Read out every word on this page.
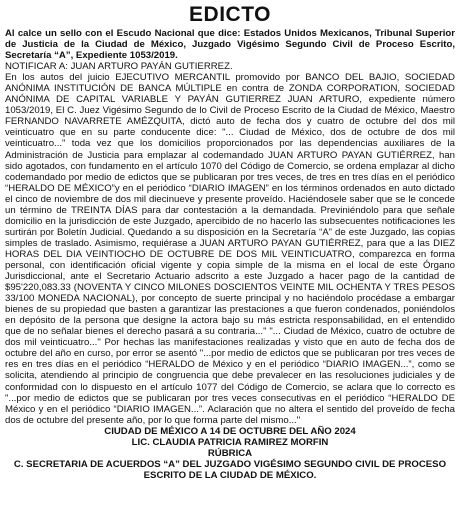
EDICTO

Al calce un sello con el Escudo Nacional que dice: Estados Unidos Mexicanos, Tribunal Superior de Justicia de la Ciudad de México, Juzgado Vigésimo Segundo Civil de Proceso Escrito, Secretaría “A”, Expediente 1053/2019.

NOTIFICAR A: JUAN ARTURO PAYÁN GUTIERREZ.

En los autos del juicio EJECUTIVO MERCANTIL promovido por BANCO DEL BAJIO, SOCIEDAD ANÓNIMA INSTITUCIÓN DE BANCA MÚLTIPLE en contra de ZONDA CORPORATION, SOCIEDAD ANÓNIMA DE CAPITAL VARIABLE Y PAYÁN GUTIERREZ JUAN ARTURO, expediente número 1053/2019, El C. Juez Vigésimo Segundo de lo Civil de Proceso Escrito de la Ciudad de México, Maestro FERNANDO NAVARRETE AMÉZQUITA, dictó auto de fecha dos y cuatro de octubre del dos mil veinticuatro que en su parte conducente dice: "... Ciudad de México, dos de octubre de dos mil veinticuatro..." toda vez que los domicilios proporcionados por las dependencias auxiliares de la Administración de Justicia para emplazar al codemandado JUAN ARTURO PAYAN GUTIÉRREZ, han sido agotados, con fundamento en el artículo 1070 del Código de Comercio, se ordena emplazar al dicho codemandado por medio de edictos que se publicaran por tres veces, de tres en tres días en el periódico “HERALDO DE MÉXICO”y en el periódico “DIARIO IMAGEN” en los términos ordenados en auto dictado el cinco de noviembre de dos mil diecinueve y presente proveído. Haciéndosele saber que se le concede un término de TREINTA DÍAS para dar contestación a la demandada. Previniéndolo para que señale domicilio en la jurisdicción de este Juzgado, apercibido de no hacerlo las subsecuentes notificaciones les surtirán por Boletín Judicial. Quedando a su disposición en la Secretaría “A” de este Juzgado, las copias simples de traslado. Asimismo, requiérase a JUAN ARTURO PAYAN GUTIÉRREZ, para que a las DIEZ HORAS DEL DIA VEINTIOCHO DE OCTUBRE DE DOS MIL VEINTICUATRO, comparezca en forma personal, con identificación oficial vigente y copia simple de la misma en el local de este Órgano Jurisdiccional, ante el Secretario Actuario adscrito a este Juzgado a hacer pago de la cantidad de $95'220,083.33 (NOVENTA Y CINCO MILONES DOSCIENTOS VEINTE MIL OCHENTA Y TRES PESOS 33/100 MONEDA NACIONAL), por concepto de suerte principal y no haciéndolo procédase a embargar bienes de su propiedad que basten a garantizar las prestaciones a que fueron condenados, poniéndolos en depósito de la persona que designe la actora bajo su más estricta responsabilidad, en el entendido que de no señalar bienes el derecho pasará a su contraria..." "... Ciudad de México, cuatro de octubre de dos mil veinticuatro..." Por hechas las manifestaciones realizadas y visto que en auto de fecha dos de octubre del año en curso, por error se asentó "...por medio de edictos que se publicaran por tres veces de res en tres días en el periódico “HERALDO de México y en el periódico “DIARIO IMAGEN...”, como se solicita, atendiendo al principio de congruencia que debe prevalecer en las resoluciones judiciales y de conformidad con lo dispuesto en el artículo 1077 del Código de Comercio, se aclara que lo correcto es "...por medio de edictos que se publicaran por tres veces consecutivas en el periódico “HERALDO DE México y en el periódico “DIARIO IMAGEN...”. Aclaración que no altera el sentido del proveído de fecha dos de octubre del presente año, por lo que forma parte del mismo..."

CIUDAD DE MÉXICO A 14 DE OCTUBRE DEL AÑO 2024

LIC. CLAUDIA PATRICIA RAMIREZ MORFIN

RÚBRICA

C. SECRETARIA DE ACUERDOS “A” DEL JUZGADO VIGÉSIMO SEGUNDO CIVIL DE PROCESO ESCRITO DE LA CIUDAD DE MÉXICO.
